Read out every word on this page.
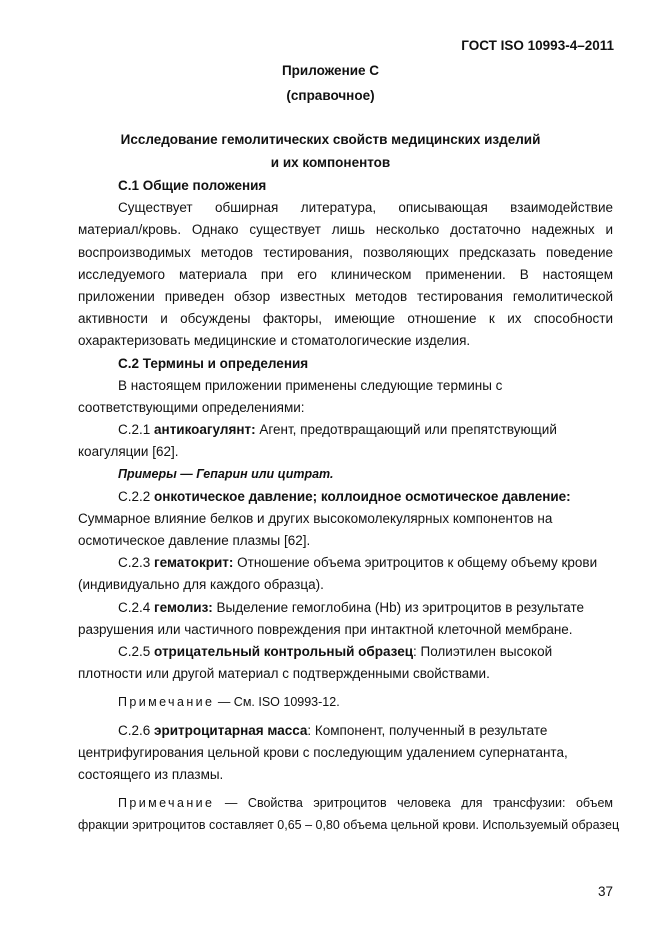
ГОСТ ISO 10993-4–2011
Приложение С
(справочное)
Исследование гемолитических свойств медицинских изделий
и их компонентов
С.1 Общие положения
Существует обширная литература, описывающая взаимодействие
материал/кровь. Однако существует лишь несколько достаточно надежных и
воспроизводимых методов тестирования, позволяющих предсказать поведение
исследуемого материала при его клиническом применении. В настоящем
приложении приведен обзор известных методов тестирования гемолитической
активности и обсуждены факторы, имеющие отношение к их способности
охарактеризовать медицинские и стоматологические изделия.
С.2 Термины и определения
В настоящем приложении применены следующие термины с
соответствующими определениями:
С.2.1 антикоагулянт: Агент, предотвращающий или препятствующий
коагуляции [62].
Примеры — Гепарин или цитрат.
С.2.2 онкотическое давление; коллоидное осмотическое давление:
Суммарное влияние белков и других высокомолекулярных компонентов на
осмотическое давление плазмы [62].
С.2.3 гематокрит: Отношение объема эритроцитов к общему объему крови
(индивидуально для каждого образца).
С.2.4 гемолиз: Выделение гемоглобина (Hb) из эритроцитов в результате
разрушения или частичного повреждения при интактной клеточной мембране.
С.2.5 отрицательный контрольный образец: Полиэтилен высокой
плотности или другой материал с подтвержденными свойствами.
Примечание — См. ISO 10993-12.
С.2.6 эритроцитарная масса: Компонент, полученный в результате
центрифугирования цельной крови с последующим удалением супернатанта,
состоящего из плазмы.
Примечание — Свойства эритроцитов человека для трансфузии: объем
фракции эритроцитов составляет 0,65 – 0,80 объема цельной крови. Используемый образец
37
